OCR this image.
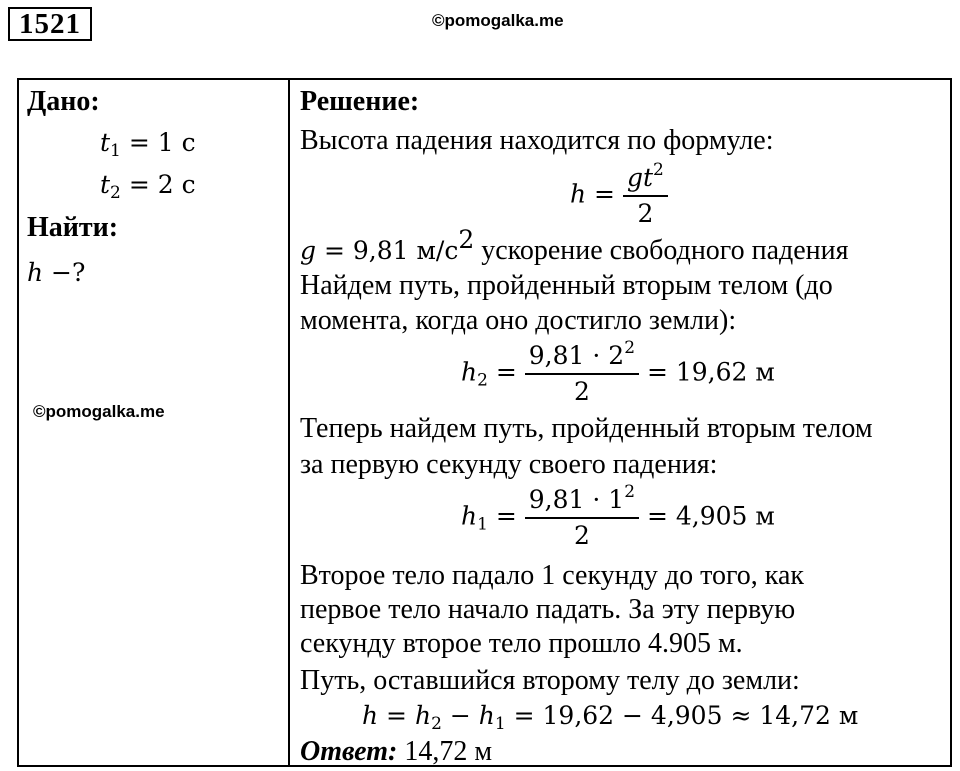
1521	©pomogalka.me
Дано:
$t_1 = 1$ с
$t_2 = 2$ с
Найти:
h −?
©pomogalka.me
Решение:
Высота падения находится по формуле:
$h = \frac{gt^2}{2}$
g = 9,81 $м/с^2$ ускорение свободного падения
Найдем путь, пройденный вторым телом (до
момента, когда оно достигло земли):
$h_2 = \frac{9,81 \cdot 2^2}{2} = 19,62$ м
Теперь найдем путь, пройденный вторым телом
за первую секунду своего падения:
$h_1 = \frac{9,81 \cdot 1^2}{2} = 4,905$ м
Второе тело падало 1 секунду до того, как
первое тело начало падать. За эту первую
секунду второе тело прошло 4.905 м.
Путь, оставшийся второму телу до земли:
$h = h_2 - h_1 = 19,62 - 4,905 \approx 14,72$ м
Ответ: 14,72 м
